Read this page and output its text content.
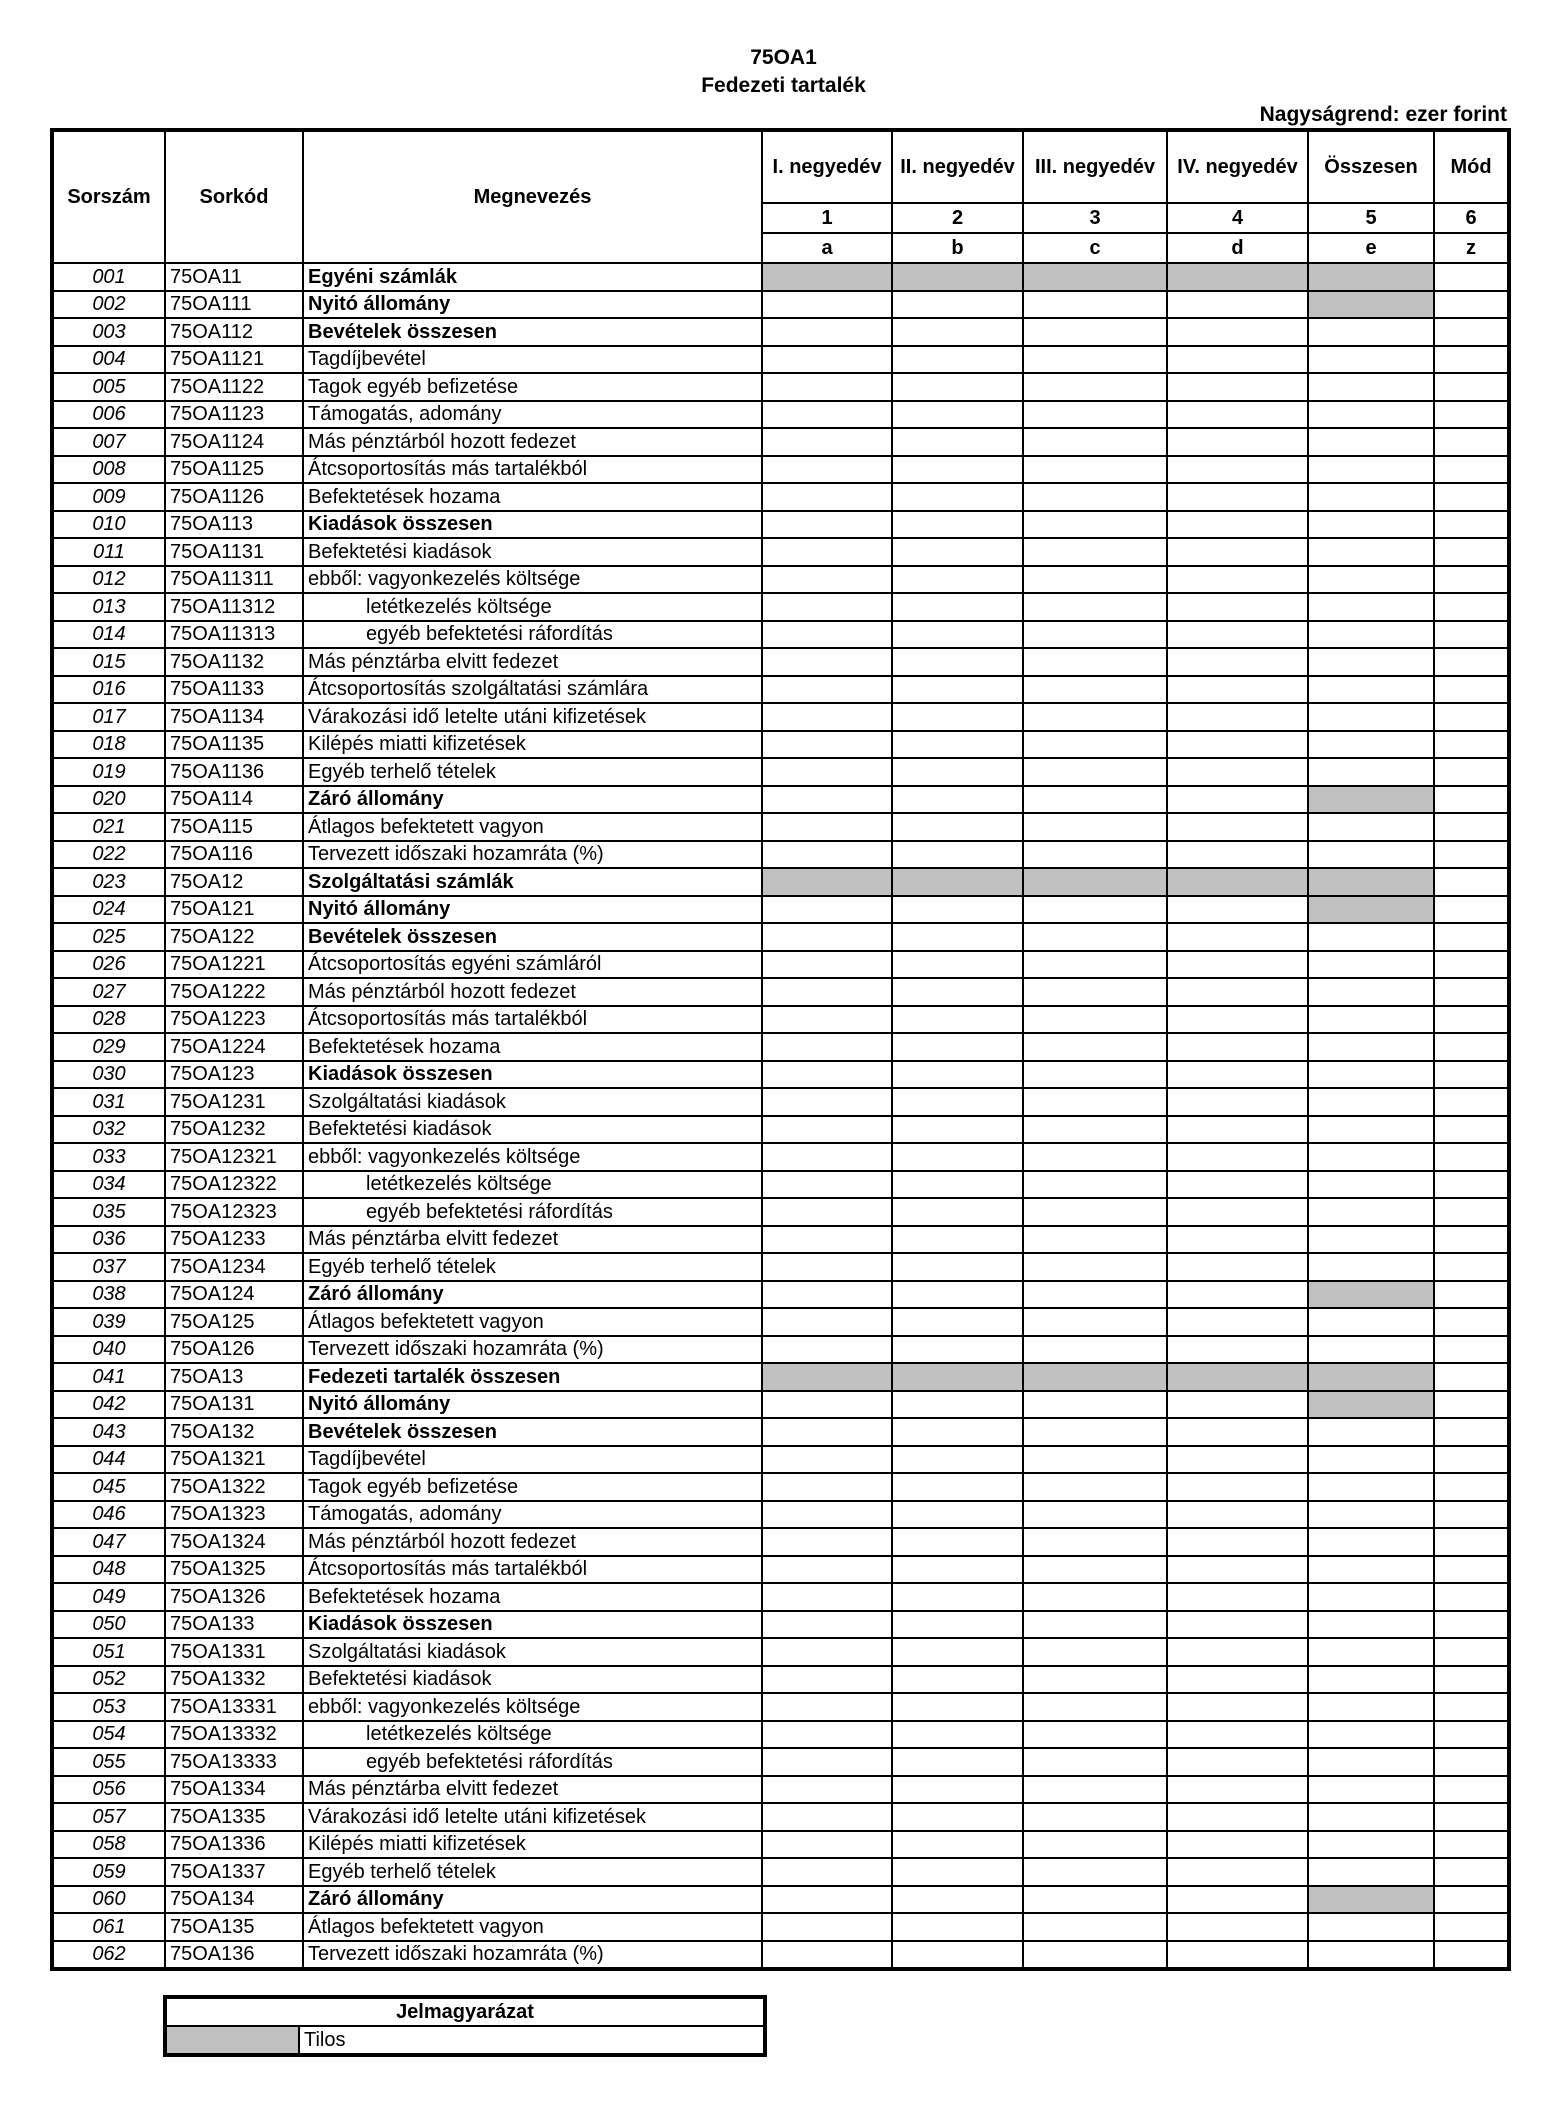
75OA1
Fedezeti tartalék
Nagyságrend: ezer forint
Sorszám	Sorkód	Megnevezés	I. negyedév	II. negyedév	III. negyedév	IV. negyedév	Összesen	Mód
			1	2	3	4	5	6
			a	b	c	d	e	z
001	75OA11	Egyéni számlák						
002	75OA111	Nyitó állomány						
003	75OA112	Bevételek összesen						
004	75OA1121	Tagdíjbevétel						
005	75OA1122	Tagok egyéb befizetése						
006	75OA1123	Támogatás, adomány						
007	75OA1124	Más pénztárból hozott fedezet						
008	75OA1125	Átcsoportosítás más tartalékból						
009	75OA1126	Befektetések hozama						
010	75OA113	Kiadások összesen						
011	75OA1131	Befektetési kiadások						
012	75OA11311	ebből: vagyonkezelés költsége						
013	75OA11312	letétkezelés költsége						
014	75OA11313	egyéb befektetési ráfordítás						
015	75OA1132	Más pénztárba elvitt fedezet						
016	75OA1133	Átcsoportosítás szolgáltatási számlára						
017	75OA1134	Várakozási idő letelte utáni kifizetések						
018	75OA1135	Kilépés miatti kifizetések						
019	75OA1136	Egyéb terhelő tételek						
020	75OA114	Záró állomány						
021	75OA115	Átlagos befektetett vagyon						
022	75OA116	Tervezett időszaki hozamráta (%)						
023	75OA12	Szolgáltatási számlák						
024	75OA121	Nyitó állomány						
025	75OA122	Bevételek összesen						
026	75OA1221	Átcsoportosítás egyéni számláról						
027	75OA1222	Más pénztárból hozott fedezet						
028	75OA1223	Átcsoportosítás más tartalékból						
029	75OA1224	Befektetések hozama						
030	75OA123	Kiadások összesen						
031	75OA1231	Szolgáltatási kiadások						
032	75OA1232	Befektetési kiadások						
033	75OA12321	ebből: vagyonkezelés költsége						
034	75OA12322	letétkezelés költsége						
035	75OA12323	egyéb befektetési ráfordítás						
036	75OA1233	Más pénztárba elvitt fedezet						
037	75OA1234	Egyéb terhelő tételek						
038	75OA124	Záró állomány						
039	75OA125	Átlagos befektetett vagyon						
040	75OA126	Tervezett időszaki hozamráta (%)						
041	75OA13	Fedezeti tartalék összesen						
042	75OA131	Nyitó állomány						
043	75OA132	Bevételek összesen						
044	75OA1321	Tagdíjbevétel						
045	75OA1322	Tagok egyéb befizetése						
046	75OA1323	Támogatás, adomány						
047	75OA1324	Más pénztárból hozott fedezet						
048	75OA1325	Átcsoportosítás más tartalékból						
049	75OA1326	Befektetések hozama						
050	75OA133	Kiadások összesen						
051	75OA1331	Szolgáltatási kiadások						
052	75OA1332	Befektetési kiadások						
053	75OA13331	ebből: vagyonkezelés költsége						
054	75OA13332	letétkezelés költsége						
055	75OA13333	egyéb befektetési ráfordítás						
056	75OA1334	Más pénztárba elvitt fedezet						
057	75OA1335	Várakozási idő letelte utáni kifizetések						
058	75OA1336	Kilépés miatti kifizetések						
059	75OA1337	Egyéb terhelő tételek						
060	75OA134	Záró állomány						
061	75OA135	Átlagos befektetett vagyon						
062	75OA136	Tervezett időszaki hozamráta (%)						
Jelmagyarázat
	Tilos
